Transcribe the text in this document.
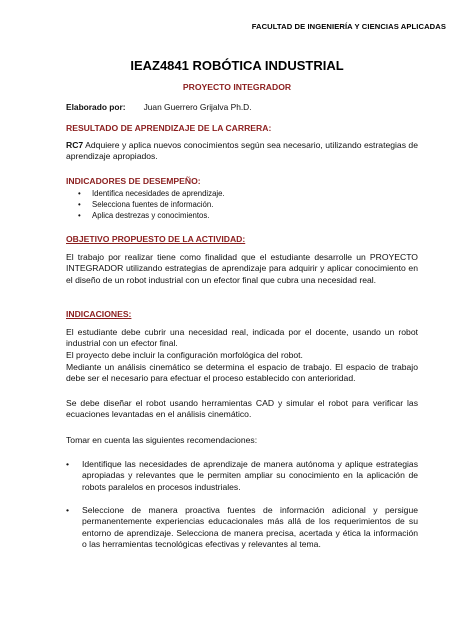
FACULTAD DE INGENIERÍA Y CIENCIAS APLICADAS
IEAZ4841 ROBÓTICA INDUSTRIAL
PROYECTO INTEGRADOR
Elaborado por: Juan Guerrero Grijalva Ph.D.
RESULTADO DE APRENDIZAJE DE LA CARRERA:
RC7 Adquiere y aplica nuevos conocimientos según sea necesario, utilizando estrategias de aprendizaje apropiados.
INDICADORES DE DESEMPEÑO:
• Identifica necesidades de aprendizaje.
• Selecciona fuentes de información.
• Aplica destrezas y conocimientos.
OBJETIVO PROPUESTO DE LA ACTIVIDAD:
El trabajo por realizar tiene como finalidad que el estudiante desarrolle un PROYECTO INTEGRADOR utilizando estrategias de aprendizaje para adquirir y aplicar conocimiento en el diseño de un robot industrial con un efector final que cubra una necesidad real.
INDICACIONES:
El estudiante debe cubrir una necesidad real, indicada por el docente, usando un robot industrial con un efector final.
El proyecto debe incluir la configuración morfológica del robot.
Mediante un análisis cinemático se determina el espacio de trabajo. El espacio de trabajo debe ser el necesario para efectuar el proceso establecido con anterioridad.
Se debe diseñar el robot usando herramientas CAD y simular el robot para verificar las ecuaciones levantadas en el análisis cinemático.
Tomar en cuenta las siguientes recomendaciones:
• Identifique las necesidades de aprendizaje de manera autónoma y aplique estrategias apropiadas y relevantes que le permiten ampliar su conocimiento en la aplicación de robots paralelos en procesos industriales.
• Seleccione de manera proactiva fuentes de información adicional y persigue permanentemente experiencias educacionales más allá de los requerimientos de su entorno de aprendizaje. Selecciona de manera precisa, acertada y ética la información o las herramientas tecnológicas efectivas y relevantes al tema.
